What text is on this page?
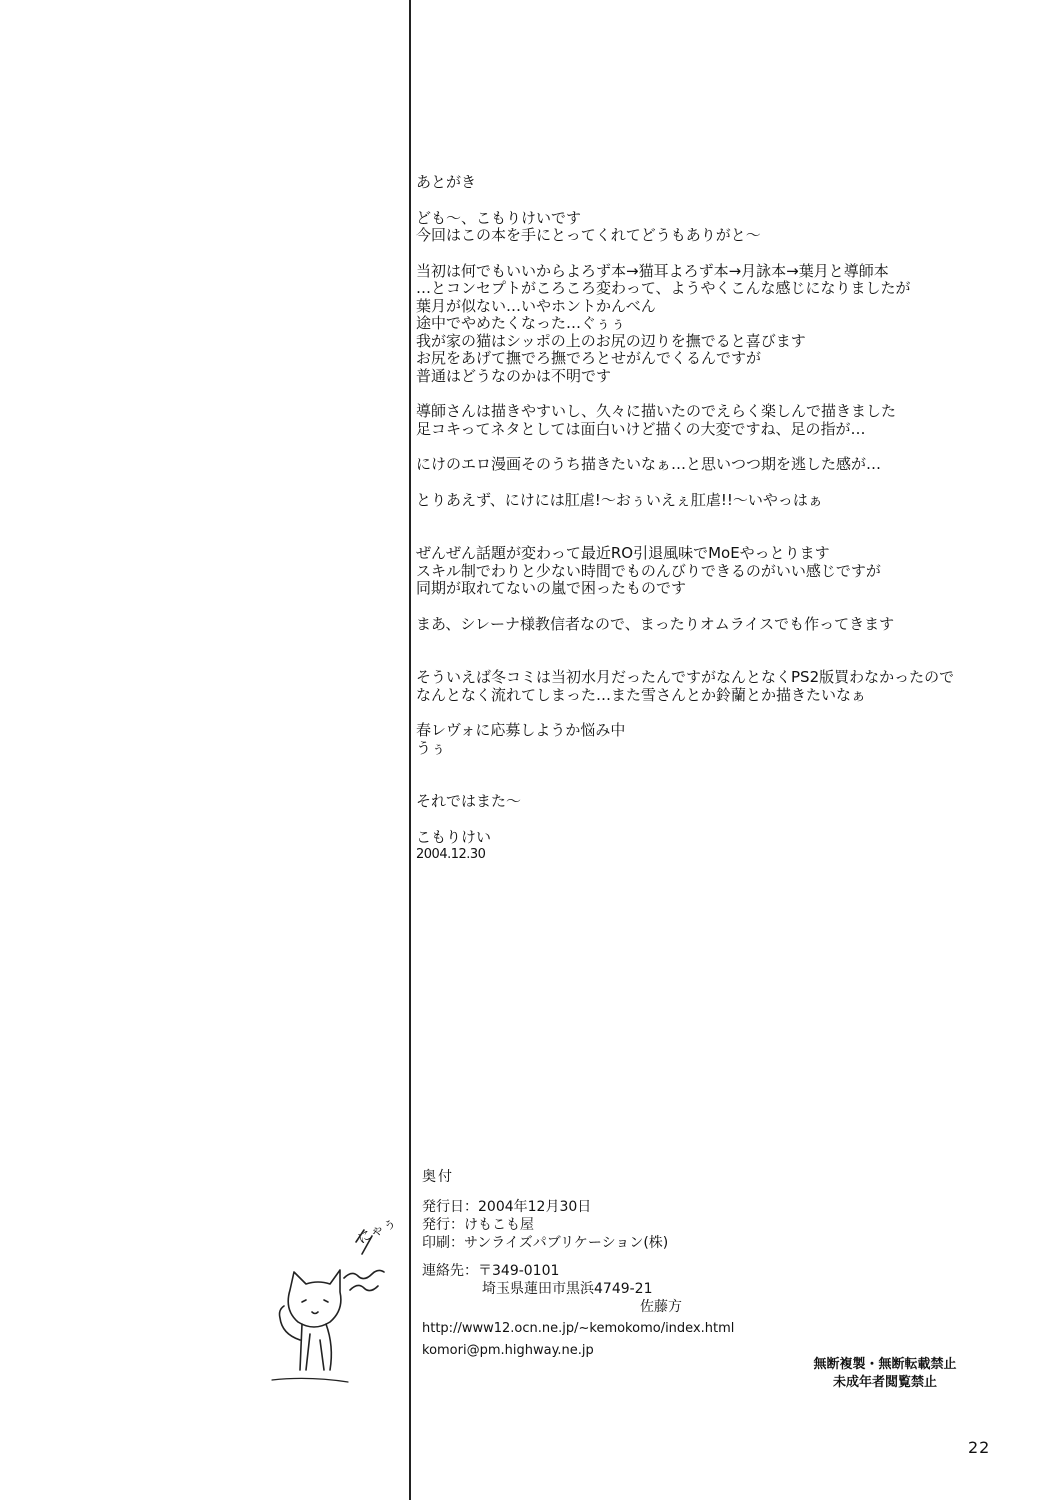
あとがき
ども～、こもりけいです
今回はこの本を手にとってくれてどうもありがと～
当初は何でもいいからよろず本→猫耳よろず本→月詠本→葉月と導師本
…とコンセプトがころころ変わって、ようやくこんな感じになりましたが
葉月が似ない…いやホントかんべん
途中でやめたくなった…ぐぅぅ
我が家の猫はシッポの上のお尻の辺りを撫でると喜びます
お尻をあげて撫でろ撫でろとせがんでくるんですが
普通はどうなのかは不明です
導師さんは描きやすいし、久々に描いたのでえらく楽しんで描きました
足コキってネタとしては面白いけど描くの大変ですね、足の指が…
にけのエロ漫画そのうち描きたいなぁ…と思いつつ期を逃した感が…
とりあえず、にけには肛虐!～おぅいえぇ肛虐!!～いやっはぁ
ぜんぜん話題が変わって最近RO引退風味でMoEやっとります
スキル制でわりと少ない時間でものんびりできるのがいい感じですが
同期が取れてないの嵐で困ったものです
まあ、シレーナ様教信者なので、まったりオムライスでも作ってきます
そういえば冬コミは当初水月だったんですがなんとなくPS2版買わなかったので
なんとなく流れてしまった…また雪さんとか鈴蘭とか描きたいなぁ
春レヴォに応募しようか悩み中
うぅ
それではまた～
こもりけい
2004.12.30
にゃぅ
奥付
発行日：2004年12月30日
発行：けもこも屋
印刷：サンライズパブリケーション(株)
連絡先：〒349-0101
埼玉県蓮田市黒浜4749-21
佐藤方
http://www12.ocn.ne.jp/~kemokomo/index.html
komori@pm.highway.ne.jp
無断複製・無断転載禁止
未成年者閲覧禁止
22
